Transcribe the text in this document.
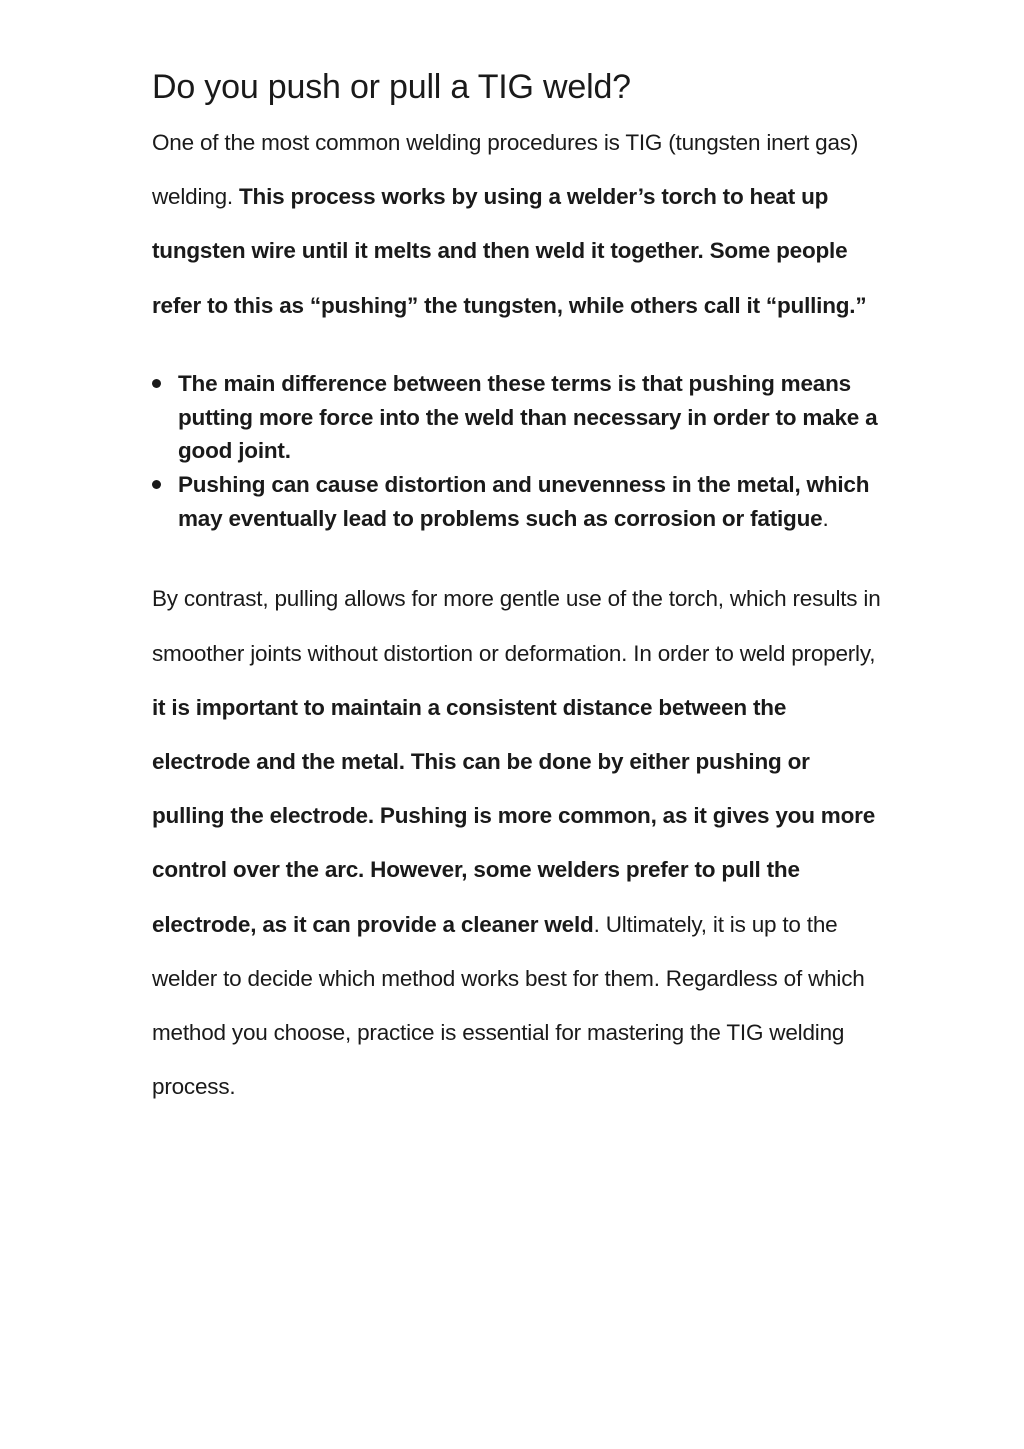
Do you push or pull a TIG weld?

One of the most common welding procedures is TIG (tungsten inert gas) welding. This process works by using a welder’s torch to heat up tungsten wire until it melts and then weld it together. Some people refer to this as “pushing” the tungsten, while others call it “pulling.”

The main difference between these terms is that pushing means putting more force into the weld than necessary in order to make a good joint.
Pushing can cause distortion and unevenness in the metal, which may eventually lead to problems such as corrosion or fatigue.

By contrast, pulling allows for more gentle use of the torch, which results in smoother joints without distortion or deformation. In order to weld properly, it is important to maintain a consistent distance between the electrode and the metal. This can be done by either pushing or pulling the electrode. Pushing is more common, as it gives you more control over the arc. However, some welders prefer to pull the electrode, as it can provide a cleaner weld. Ultimately, it is up to the welder to decide which method works best for them. Regardless of which method you choose, practice is essential for mastering the TIG welding process.
